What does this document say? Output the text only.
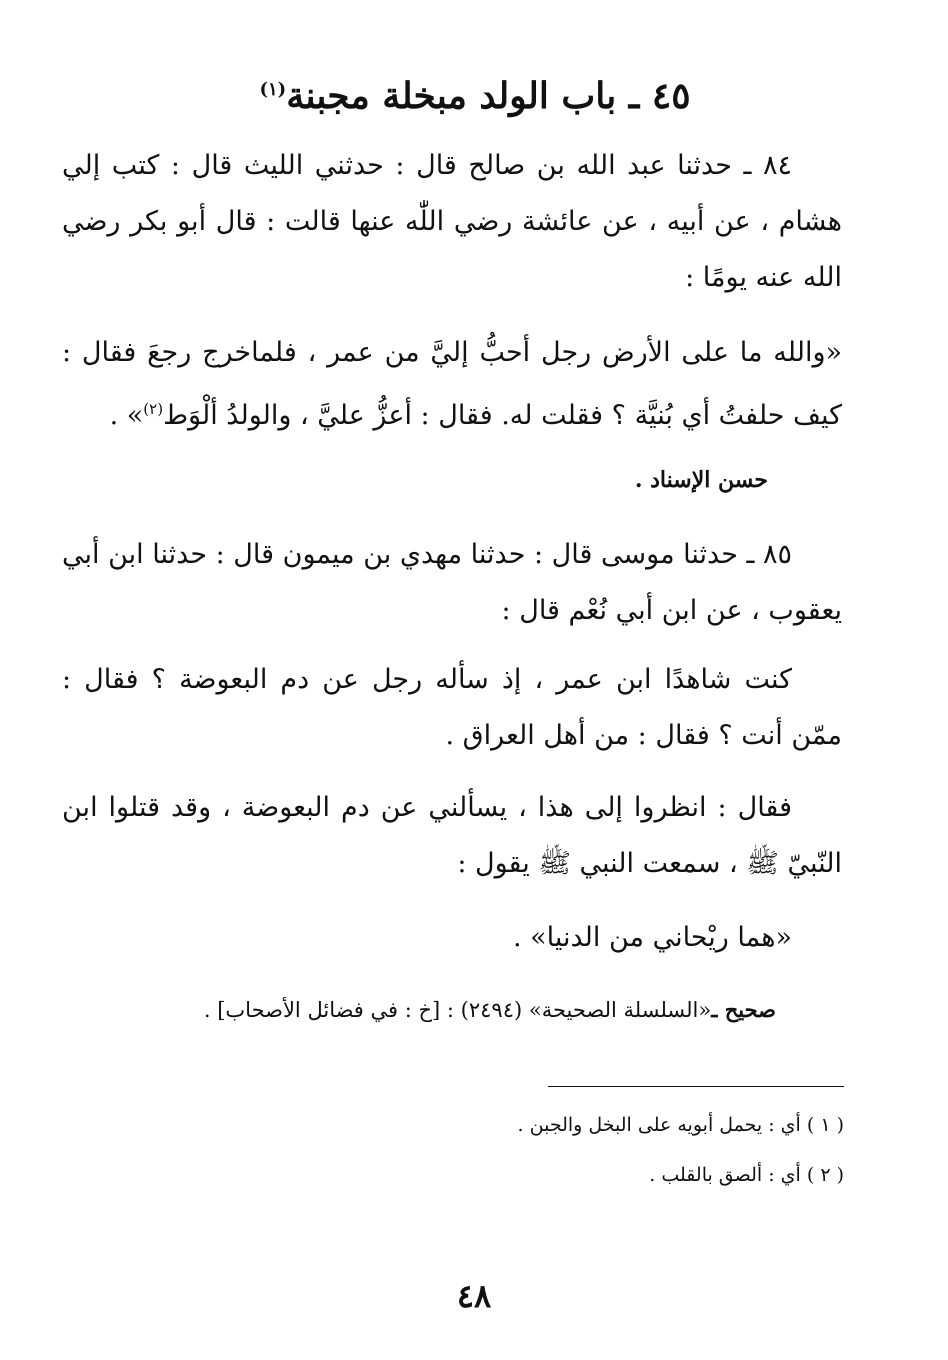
٤٥ ـ باب الولد مبخلة مجبنة$^{(١)}$
٨٤ ـ حدثنا عبد الله بن صالح قال : حدثني الليث قال : كتب إلي هشام ، عن أبيه ، عن عائشة رضي اللّٰه عنها قالت : قال أبو بكر رضي الله عنه يومًا :
«والله ما على الأرض رجل أحبُّ إليَّ من عمر ، فلماخرج رجعَ فقال : كيف حلفتُ أي بُنيَّة ؟ فقلت له. فقال : أعزُّ عليَّ ، والولدُ ألْوَط$^{(٢)}$» .
حسن الإسناد .
٨٥ ـ حدثنا موسى قال : حدثنا مهدي بن ميمون قال : حدثنا ابن أبي يعقوب ، عن ابن أبي نُعْم قال :
كنت شاهدًا ابن عمر ، إذ سأله رجل عن دم البعوضة ؟ فقال : ممّن أنت ؟ فقال : من أهل العراق .
فقال : انظروا إلى هذا ، يسألني عن دم البعوضة ، وقد قتلوا ابن النّبيّ ﷺ ، سمعت النبي ﷺ يقول :
«هما ريْحاني من الدنيا» .
صحيح ـ«السلسلة الصحيحة» (٢٤٩٤) : [خ : في فضائل الأصحاب] .
( ١ ) أي : يحمل أبويه على البخل والجبن .
( ٢ ) أي : ألصق بالقلب .
٤٨
